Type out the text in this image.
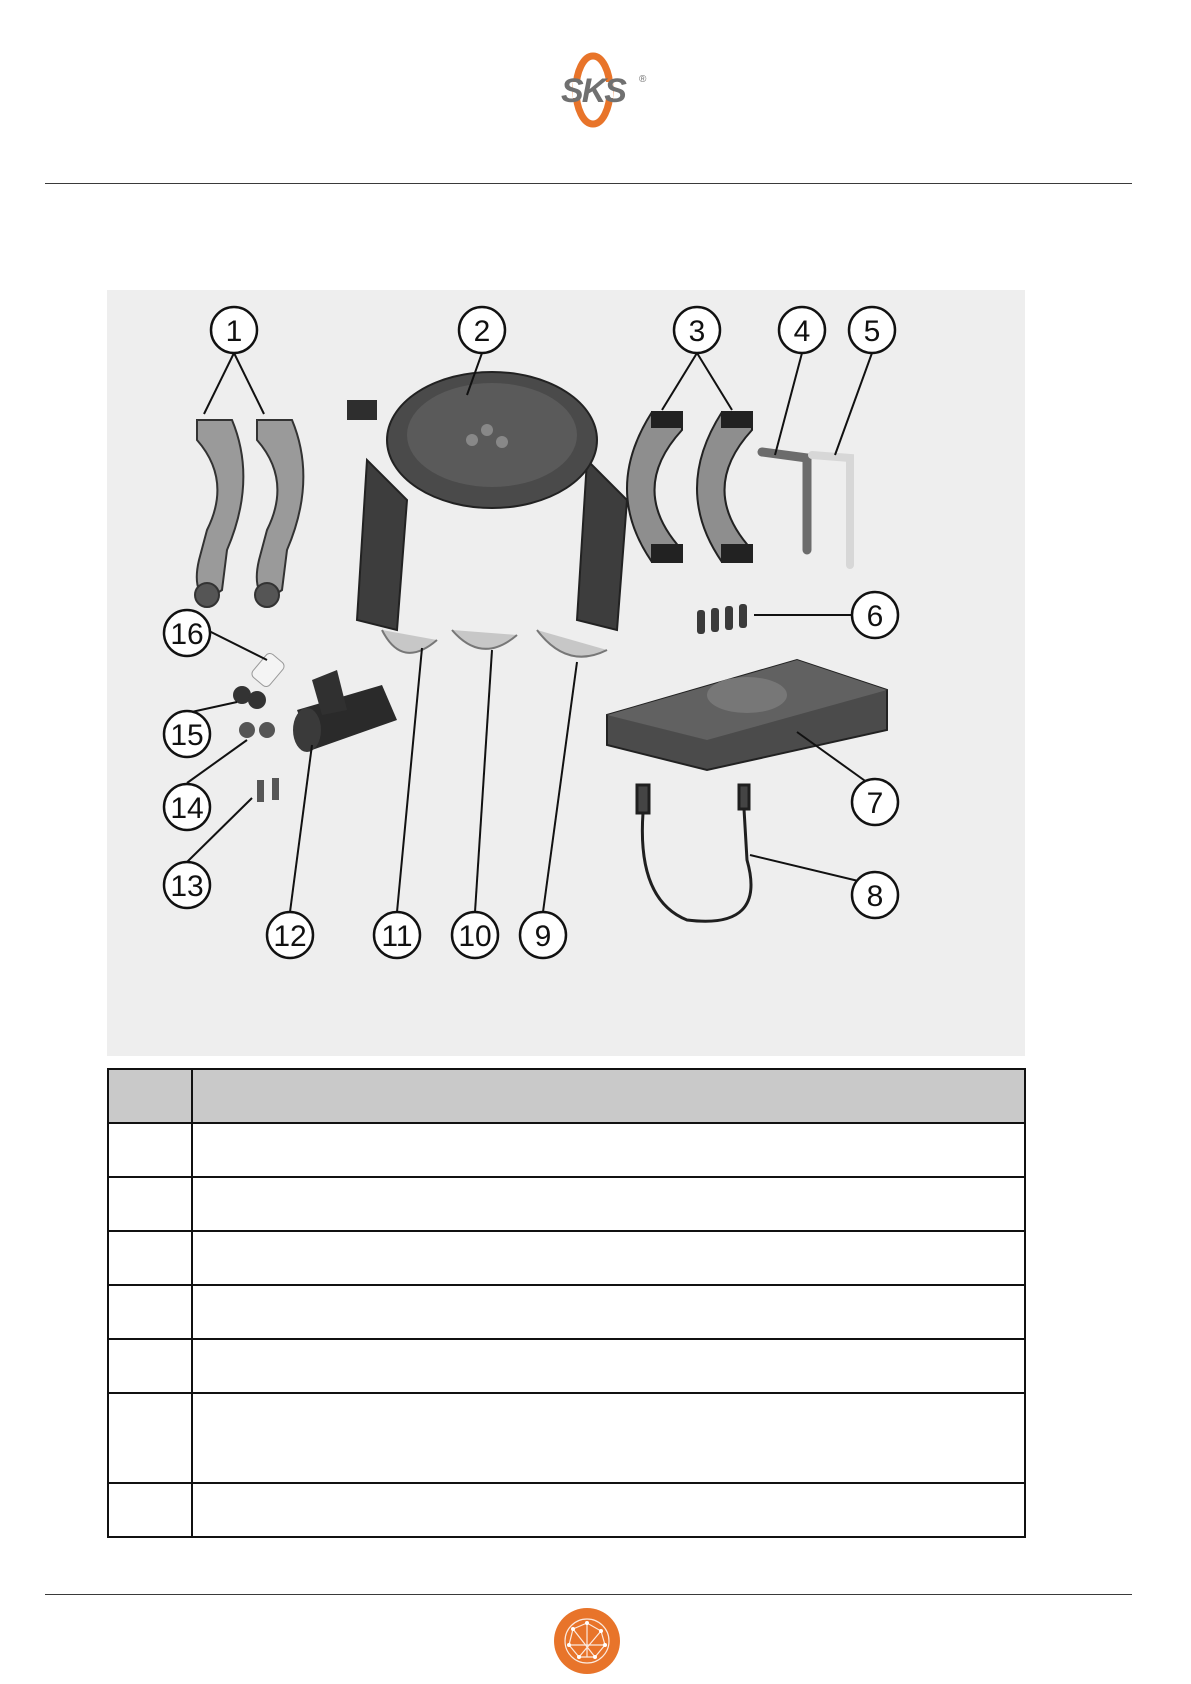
SKS ®
1	2	3	4 5
6
7
8
9
10
11
12
13
14
15
16
